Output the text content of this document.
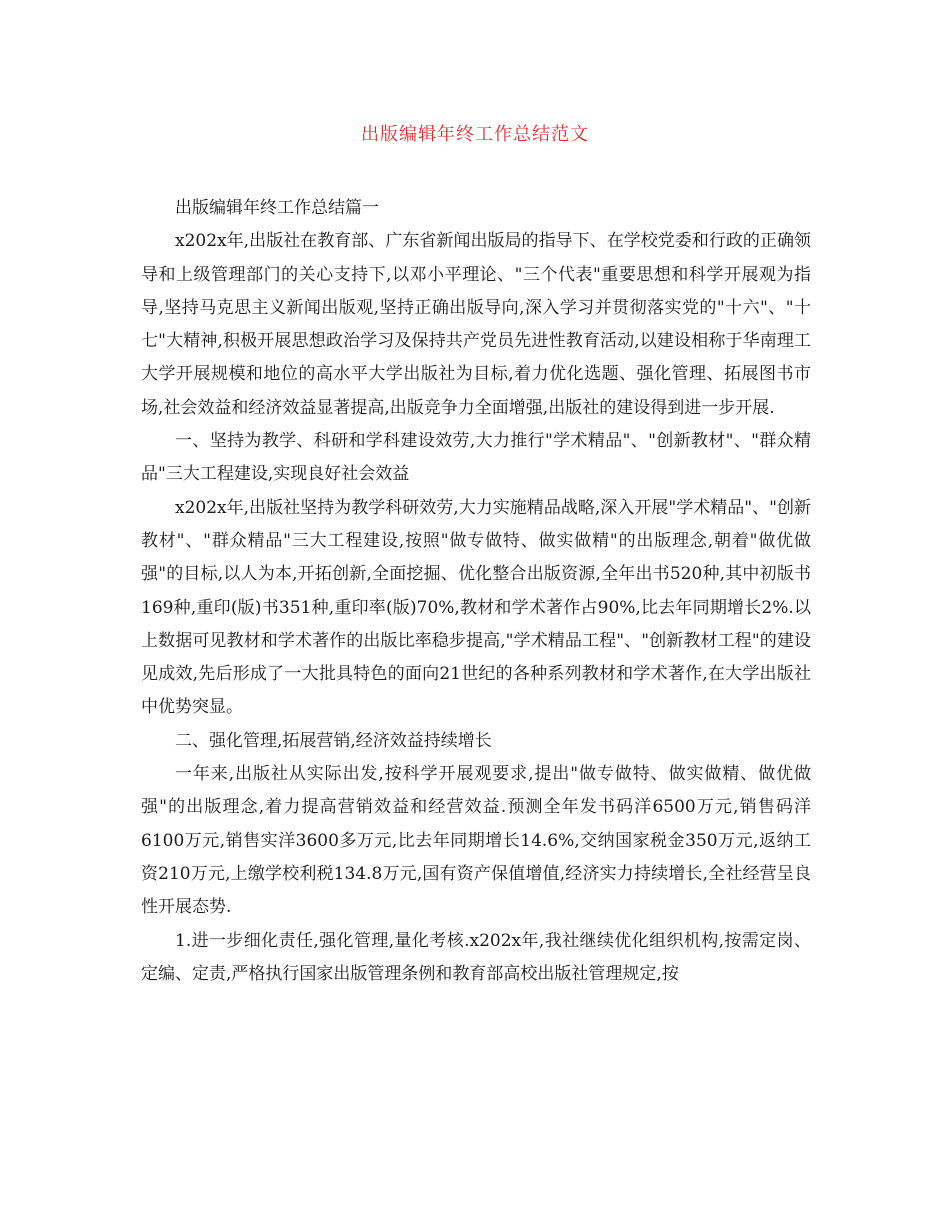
出版编辑年终工作总结范文

出版编辑年终工作总结篇一

x202x年,出版社在教育部、广东省新闻出版局的指导下、在学校党委和行政的正确领导和上级管理部门的关心支持下,以邓小平理论、"三个代表"重要思想和科学开展观为指导,坚持马克思主义新闻出版观,坚持正确出版导向,深入学习并贯彻落实党的"十六"、"十七"大精神,积极开展思想政治学习及保持共产党员先进性教育活动,以建设相称于华南理工大学开展规模和地位的高水平大学出版社为目标,着力优化选题、强化管理、拓展图书市场,社会效益和经济效益显著提高,出版竞争力全面增强,出版社的建设得到进一步开展.

一、坚持为教学、科研和学科建设效劳,大力推行"学术精品"、"创新教材"、"群众精品"三大工程建设,实现良好社会效益

x202x年,出版社坚持为教学科研效劳,大力实施精品战略,深入开展"学术精品"、"创新教材"、"群众精品"三大工程建设,按照"做专做特、做实做精"的出版理念,朝着"做优做强"的目标,以人为本,开拓创新,全面挖掘、优化整合出版资源,全年出书520种,其中初版书169种,重印(版)书351种,重印率(版)70%,教材和学术著作占90%,比去年同期增长2%.以上数据可见教材和学术著作的出版比率稳步提高,"学术精品工程"、"创新教材工程"的建设见成效,先后形成了一大批具特色的面向21世纪的各种系列教材和学术著作,在大学出版社中优势突显。

二、强化管理,拓展营销,经济效益持续增长

一年来,出版社从实际出发,按科学开展观要求,提出"做专做特、做实做精、做优做强"的出版理念,着力提高营销效益和经营效益.预测全年发书码洋6500万元,销售码洋6100万元,销售实洋3600多万元,比去年同期增长14.6%,交纳国家税金350万元,返纳工资210万元,上缴学校利税134.8万元,国有资产保值增值,经济实力持续增长,全社经营呈良性开展态势.

1.进一步细化责任,强化管理,量化考核.x202x年,我社继续优化组织机构,按需定岗、定编、定责,严格执行国家出版管理条例和教育部高校出版社管理规定,按
